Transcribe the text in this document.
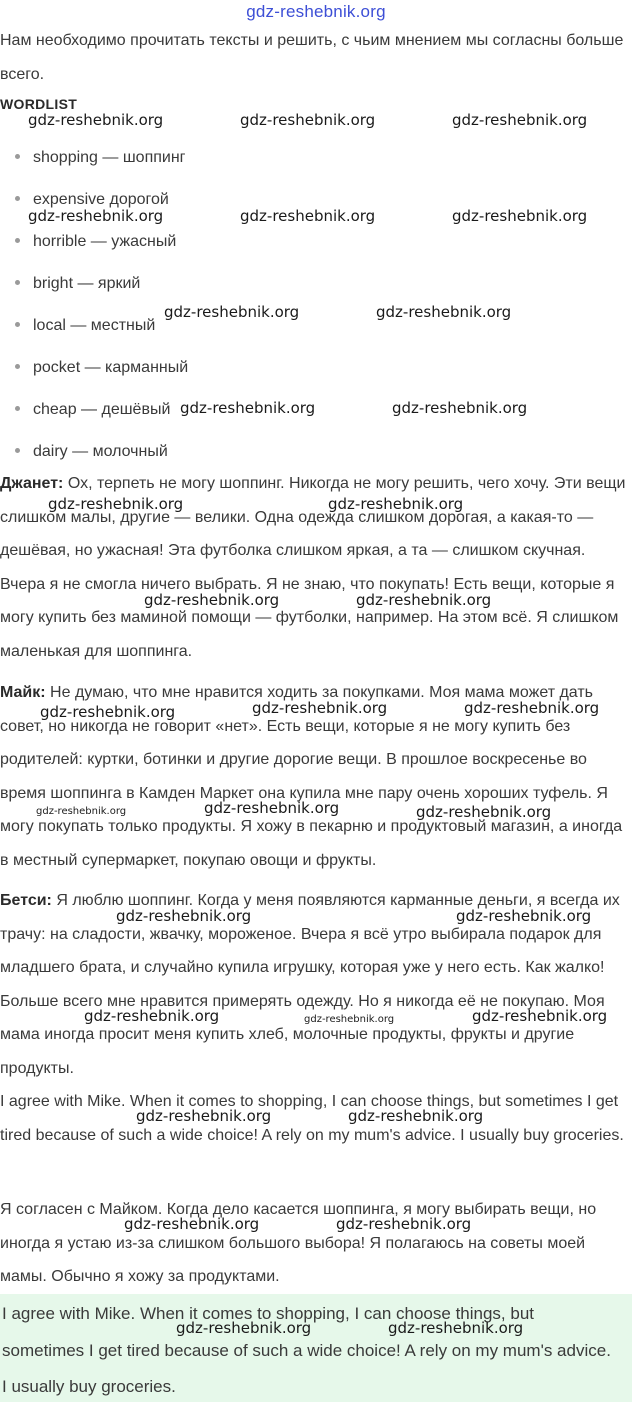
gdz-reshebnik.org

Нам необходимо прочитать тексты и решить, с чьим мнением мы согласны больше всего.

WORDLIST
shopping — шоппинг
expensive дорогой
horrible — ужасный
bright — яркий
local — местный
pocket — карманный
cheap — дешёвый
dairy — молочный

Джанет: Ох, терпеть не могу шоппинг. Никогда не могу решить, чего хочу. Эти вещи слишком малы, другие — велики. Одна одежда слишком дорогая, а какая-то — дешёвая, но ужасная! Эта футболка слишком яркая, а та — слишком скучная. Вчера я не смогла ничего выбрать. Я не знаю, что покупать! Есть вещи, которые я могу купить без маминой помощи — футболки, например. На этом всё. Я слишком маленькая для шоппинга.

Майк: Не думаю, что мне нравится ходить за покупками. Моя мама может дать совет, но никогда не говорит «нет». Есть вещи, которые я не могу купить без родителей: куртки, ботинки и другие дорогие вещи. В прошлое воскресенье во время шоппинга в Камден Маркет она купила мне пару очень хороших туфель. Я могу покупать только продукты. Я хожу в пекарню и продуктовый магазин, а иногда в местный супермаркет, покупаю овощи и фрукты.

Бетси: Я люблю шоппинг. Когда у меня появляются карманные деньги, я всегда их трачу: на сладости, жвачку, мороженое. Вчера я всё утро выбирала подарок для младшего брата, и случайно купила игрушку, которая уже у него есть. Как жалко! Больше всего мне нравится примерять одежду. Но я никогда её не покупаю. Моя мама иногда просит меня купить хлеб, молочные продукты, фрукты и другие продукты.

I agree with Mike. When it comes to shopping, I can choose things, but sometimes I get tired because of such a wide choice! A rely on my mum's advice. I usually buy groceries.

Я согласен с Майком. Когда дело касается шоппинга, я могу выбирать вещи, но иногда я устаю из-за слишком большого выбора! Я полагаюсь на советы моей мамы. Обычно я хожу за продуктами.

I agree with Mike. When it comes to shopping, I can choose things, but sometimes I get tired because of such a wide choice! A rely on my mum's advice. I usually buy groceries.

gdz-reshebnik.org	gdz-reshebnik.org	gdz-reshebnik.org
gdz-reshebnik.org	gdz-reshebnik.org	gdz-reshebnik.org
gdz-reshebnik.org	gdz-reshebnik.org
gdz-reshebnik.org	gdz-reshebnik.org
gdz-reshebnik.org	gdz-reshebnik.org
gdz-reshebnik.org	gdz-reshebnik.org
gdz-reshebnik.org	gdz-reshebnik.org	gdz-reshebnik.org
gdz-reshebnik.org	gdz-reshebnik.org	gdz-reshebnik.org
gdz-reshebnik.org	gdz-reshebnik.org
gdz-reshebnik.org	gdz-reshebnik.org	gdz-reshebnik.org
gdz-reshebnik.org	gdz-reshebnik.org
gdz-reshebnik.org	gdz-reshebnik.org
gdz-reshebnik.org	gdz-reshebnik.org
